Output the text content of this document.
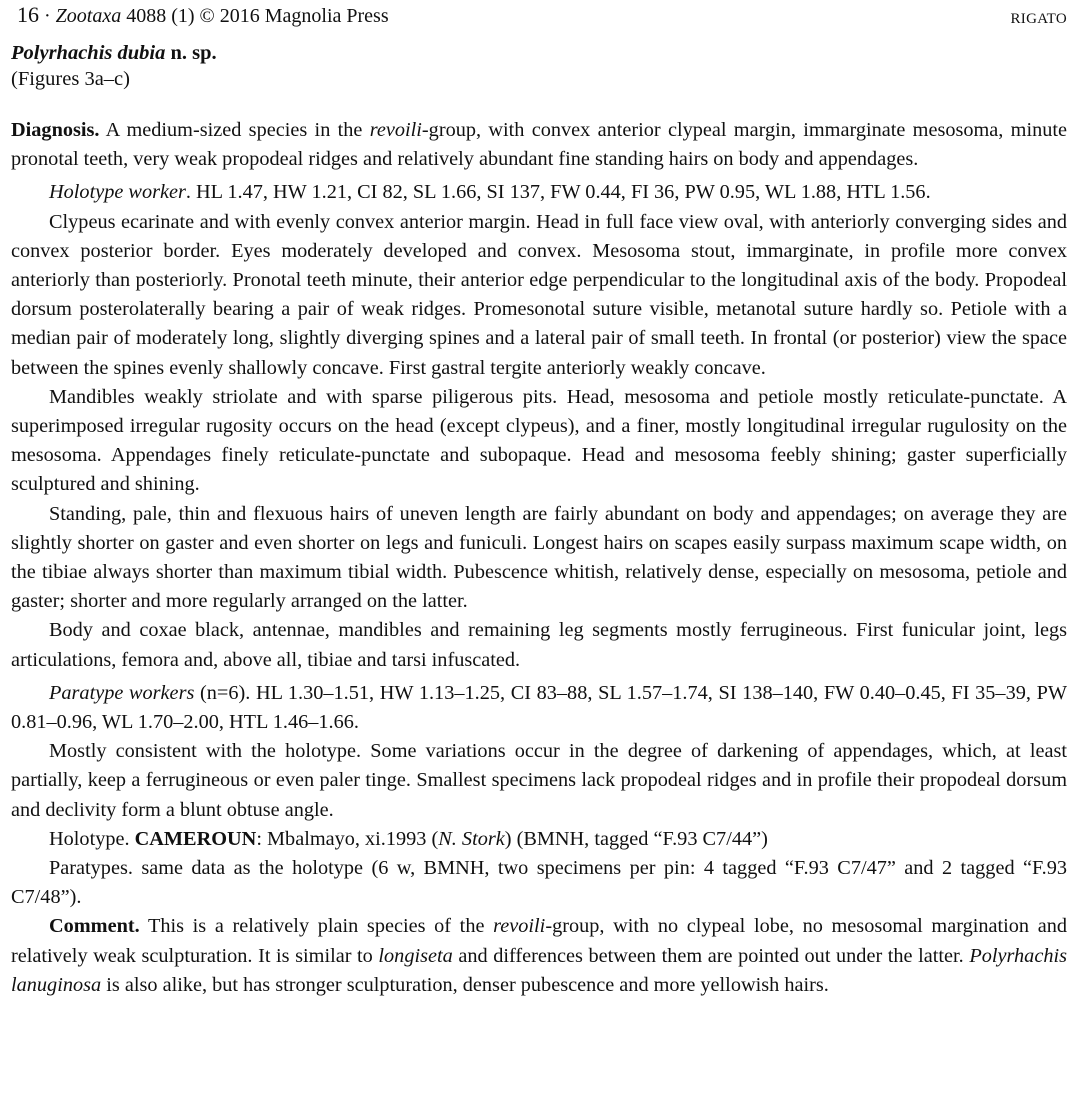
16 · Zootaxa 4088 (1) © 2016 Magnolia Press	RIGATO
Polyrhachis dubia n. sp.
(Figures 3a–c)

Diagnosis. A medium-sized species in the revoili-group, with convex anterior clypeal margin, immarginate mesosoma, minute pronotal teeth, very weak propodeal ridges and relatively abundant fine standing hairs on body and appendages.

Holotype worker. HL 1.47, HW 1.21, CI 82, SL 1.66, SI 137, FW 0.44, FI 36, PW 0.95, WL 1.88, HTL 1.56.

Clypeus ecarinate and with evenly convex anterior margin. Head in full face view oval, with anteriorly converging sides and convex posterior border. Eyes moderately developed and convex. Mesosoma stout, immarginate, in profile more convex anteriorly than posteriorly. Pronotal teeth minute, their anterior edge perpendicular to the longitudinal axis of the body. Propodeal dorsum posterolaterally bearing a pair of weak ridges. Promesonotal suture visible, metanotal suture hardly so. Petiole with a median pair of moderately long, slightly diverging spines and a lateral pair of small teeth. In frontal (or posterior) view the space between the spines evenly shallowly concave. First gastral tergite anteriorly weakly concave.

Mandibles weakly striolate and with sparse piligerous pits. Head, mesosoma and petiole mostly reticulate-punctate. A superimposed irregular rugosity occurs on the head (except clypeus), and a finer, mostly longitudinal irregular rugulosity on the mesosoma. Appendages finely reticulate-punctate and subopaque. Head and mesosoma feebly shining; gaster superficially sculptured and shining.

Standing, pale, thin and flexuous hairs of uneven length are fairly abundant on body and appendages; on average they are slightly shorter on gaster and even shorter on legs and funiculi. Longest hairs on scapes easily surpass maximum scape width, on the tibiae always shorter than maximum tibial width. Pubescence whitish, relatively dense, especially on mesosoma, petiole and gaster; shorter and more regularly arranged on the latter.

Body and coxae black, antennae, mandibles and remaining leg segments mostly ferrugineous. First funicular joint, legs articulations, femora and, above all, tibiae and tarsi infuscated.

Paratype workers (n=6). HL 1.30–1.51, HW 1.13–1.25, CI 83–88, SL 1.57–1.74, SI 138–140, FW 0.40–0.45, FI 35–39, PW 0.81–0.96, WL 1.70–2.00, HTL 1.46–1.66.

Mostly consistent with the holotype. Some variations occur in the degree of darkening of appendages, which, at least partially, keep a ferrugineous or even paler tinge. Smallest specimens lack propodeal ridges and in profile their propodeal dorsum and declivity form a blunt obtuse angle.

Holotype. CAMEROUN: Mbalmayo, xi.1993 (N. Stork) (BMNH, tagged “F.93 C7/44”)

Paratypes. same data as the holotype (6 w, BMNH, two specimens per pin: 4 tagged “F.93 C7/47” and 2 tagged “F.93 C7/48”).

Comment. This is a relatively plain species of the revoili-group, with no clypeal lobe, no mesosomal margination and relatively weak sculpturation. It is similar to longiseta and differences between them are pointed out under the latter. Polyrhachis lanuginosa is also alike, but has stronger sculpturation, denser pubescence and more yellowish hairs.
